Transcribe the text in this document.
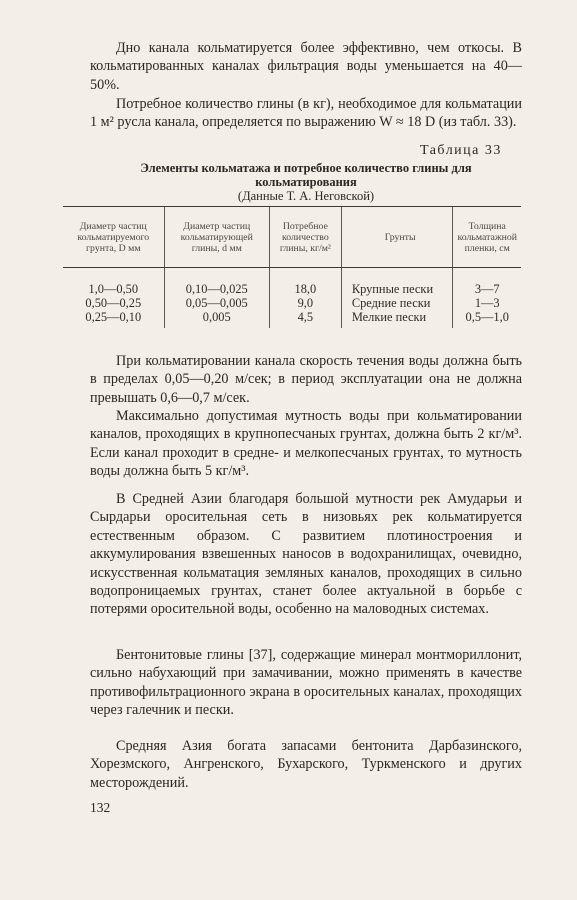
Дно канала кольматируется более эффективно, чем откосы. В кольматированных каналах фильтрация воды уменьшается на 40—50%.

Потребное количество глины (в кг), необходимое для кольматации 1 м² русла канала, определяется по выражению W ≈ 18 D (из табл. 33).

Таблица 33
Элементы кольматажа и потребное количество глины для кольматирования
(Данные Т. А. Неговской)
Диаметр частиц кольматируемого грунта, D мм	Диаметр частиц кольматирующей глины, d мм	Потребное количество глины, кг/м²	Грунты	Толщина кольматажной пленки, см

1,0—0,50	0,10—0,025	18,0	Крупные пески	3—7
0,50—0,25	0,05—0,005	9,0	Средние пески	1—3
0,25—0,10	0,005	4,5	Мелкие пески	0,5—1,0

При кольматировании канала скорость течения воды должна быть в пределах 0,05—0,20 м/сек; в период эксплуатации она не должна превышать 0,6—0,7 м/сек.

Максимально допустимая мутность воды при кольматировании каналов, проходящих в крупнопесчаных грунтах, должна быть 2 кг/м³. Если канал проходит в средне- и мелкопесчаных грунтах, то мутность воды должна быть 5 кг/м³.

В Средней Азии благодаря большой мутности рек Амударьи и Сырдарьи оросительная сеть в низовьях рек кольматируется естественным образом. С развитием плотиностроения и аккумулирования взвешенных наносов в водохранилищах, очевидно, искусственная кольматация земляных каналов, проходящих в сильно водопроницаемых грунтах, станет более актуальной в борьбе с потерями оросительной воды, особенно на маловодных системах.

Бентонитовые глины [37], содержащие минерал монтмориллонит, сильно набухающий при замачивании, можно применять в качестве противофильтрационного экрана в оросительных каналах, проходящих через галечник и пески.

Средняя Азия богата запасами бентонита Дарбазинского, Хорезмского, Ангренского, Бухарского, Туркменского и других месторождений.

132
